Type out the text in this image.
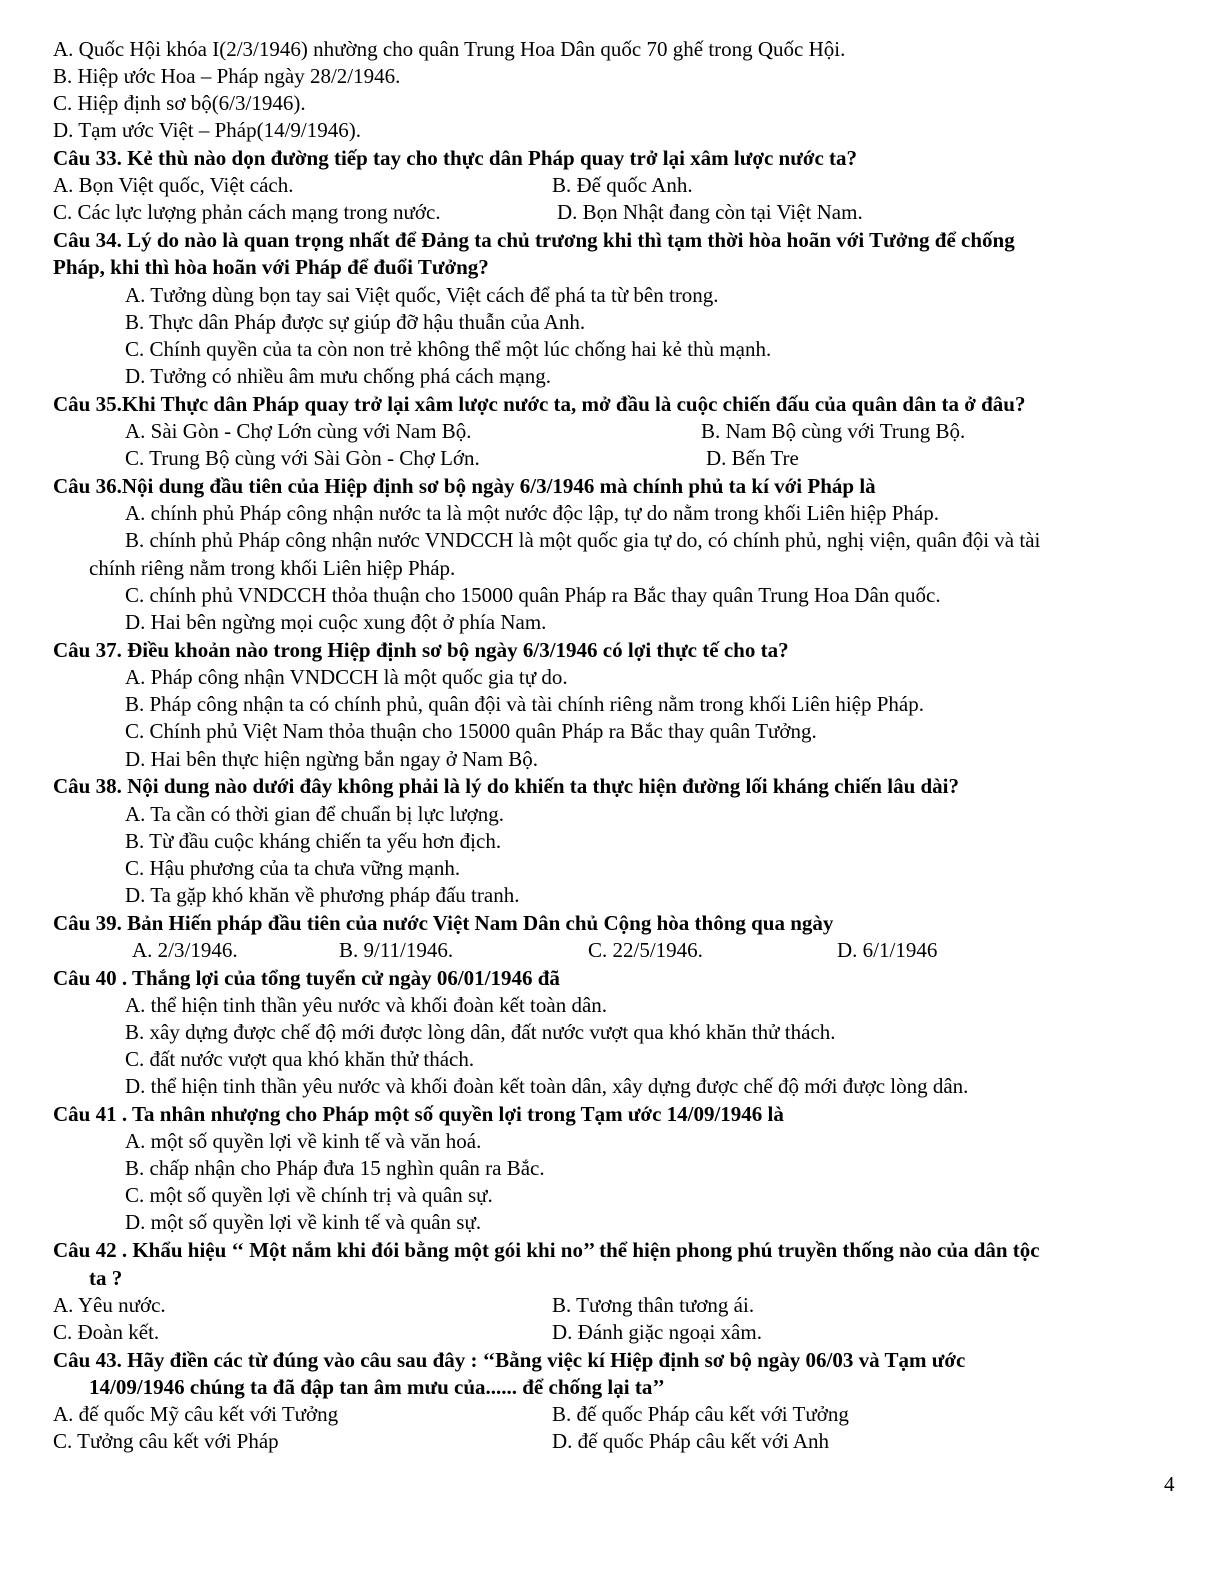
A. Quốc Hội khóa I(2/3/1946) nhường cho quân Trung Hoa Dân quốc 70 ghế trong Quốc Hội.
B. Hiệp ước Hoa – Pháp ngày 28/2/1946.
C. Hiệp định sơ bộ(6/3/1946).
D. Tạm ước Việt – Pháp(14/9/1946).
Câu 33. Kẻ thù nào dọn đường tiếp tay cho thực dân Pháp quay trở lại xâm lược nước ta?
A. Bọn Việt quốc, Việt cách.	B. Đế quốc Anh.
C. Các lực lượng phản cách mạng trong nước.	D. Bọn Nhật đang còn tại Việt Nam.
Câu 34. Lý do nào là quan trọng nhất để Đảng ta chủ trương khi thì tạm thời hòa hoãn với Tưởng để chống
Pháp, khi thì hòa hoãn với Pháp để đuổi Tưởng?
A. Tưởng dùng bọn tay sai Việt quốc, Việt cách để phá ta từ bên trong.
B. Thực dân Pháp được sự giúp đỡ hậu thuẫn của Anh.
C. Chính quyền của ta còn non trẻ không thể một lúc chống hai kẻ thù mạnh.
D. Tưởng có nhiều âm mưu chống phá cách mạng.
Câu 35.Khi Thực dân Pháp quay trở lại xâm lược nước ta, mở đầu là cuộc chiến đấu của quân dân ta ở đâu?
A. Sài Gòn - Chợ Lớn cùng với Nam Bộ.	B. Nam Bộ cùng với Trung Bộ.
C. Trung Bộ cùng với Sài Gòn - Chợ Lớn.	D. Bến Tre
Câu 36.Nội dung đầu tiên của Hiệp định sơ bộ ngày 6/3/1946 mà chính phủ ta kí với Pháp là
A. chính phủ Pháp công nhận nước ta là một nước độc lập, tự do nằm trong khối Liên hiệp Pháp.
B. chính phủ Pháp công nhận nước VNDCCH là một quốc gia tự do, có chính phủ, nghị viện, quân đội và tài
chính riêng nằm trong khối Liên hiệp Pháp.
C. chính phủ VNDCCH thỏa thuận cho 15000 quân Pháp ra Bắc thay quân Trung Hoa Dân quốc.
D. Hai bên ngừng mọi cuộc xung đột ở phía Nam.
Câu 37. Điều khoản nào trong Hiệp định sơ bộ ngày 6/3/1946 có lợi thực tế cho ta?
A. Pháp công nhận VNDCCH là một quốc gia tự do.
B. Pháp công nhận ta có chính phủ, quân đội và tài chính riêng nằm trong khối Liên hiệp Pháp.
C. Chính phủ Việt Nam thỏa thuận cho 15000 quân Pháp ra Bắc thay quân Tưởng.
D. Hai bên thực hiện ngừng bắn ngay ở Nam Bộ.
Câu 38. Nội dung nào dưới đây không phải là lý do khiến ta thực hiện đường lối kháng chiến lâu dài?
A. Ta cần có thời gian để chuẩn bị lực lượng.
B. Từ đầu cuộc kháng chiến ta yếu hơn địch.
C. Hậu phương của ta chưa vững mạnh.
D. Ta gặp khó khăn về phương pháp đấu tranh.
Câu 39. Bản Hiến pháp đầu tiên của nước Việt Nam Dân chủ Cộng hòa thông qua ngày
A. 2/3/1946.	B. 9/11/1946.	C. 22/5/1946.	D. 6/1/1946
Câu 40 . Thắng lợi của tổng tuyển cử ngày 06/01/1946 đã
A. thể hiện tinh thần yêu nước và khối đoàn kết toàn dân.
B. xây dựng được chế độ mới được lòng dân, đất nước vượt qua khó khăn thử thách.
C. đất nước vượt qua khó khăn thử thách.
D. thể hiện tinh thần yêu nước và khối đoàn kết toàn dân, xây dựng được chế độ mới được lòng dân.
Câu 41 . Ta nhân nhượng cho Pháp một số quyền lợi trong Tạm ước 14/09/1946 là
A. một số quyền lợi về kinh tế và văn hoá.
B. chấp nhận cho Pháp đưa 15 nghìn quân ra Bắc.
C. một số quyền lợi về chính trị và quân sự.
D. một số quyền lợi về kinh tế và quân sự.
Câu 42 . Khẩu hiệu ‘‘ Một nắm khi đói bằng một gói khi no’’ thể hiện phong phú truyền thống nào của dân tộc
ta ?
A. Yêu nước.	B. Tương thân tương ái.
C. Đoàn kết.	D. Đánh giặc ngoại xâm.
Câu 43. Hãy điền các từ đúng vào câu sau đây : ‘‘Bằng việc kí Hiệp định sơ bộ ngày 06/03 và Tạm ước
14/09/1946 chúng ta đã đập tan âm mưu của...... để chống lại ta’’
A. đế quốc Mỹ câu kết với Tưởng	B. đế quốc Pháp câu kết với Tưởng
C. Tưởng câu kết với Pháp	D. đế quốc Pháp câu kết với Anh
4
